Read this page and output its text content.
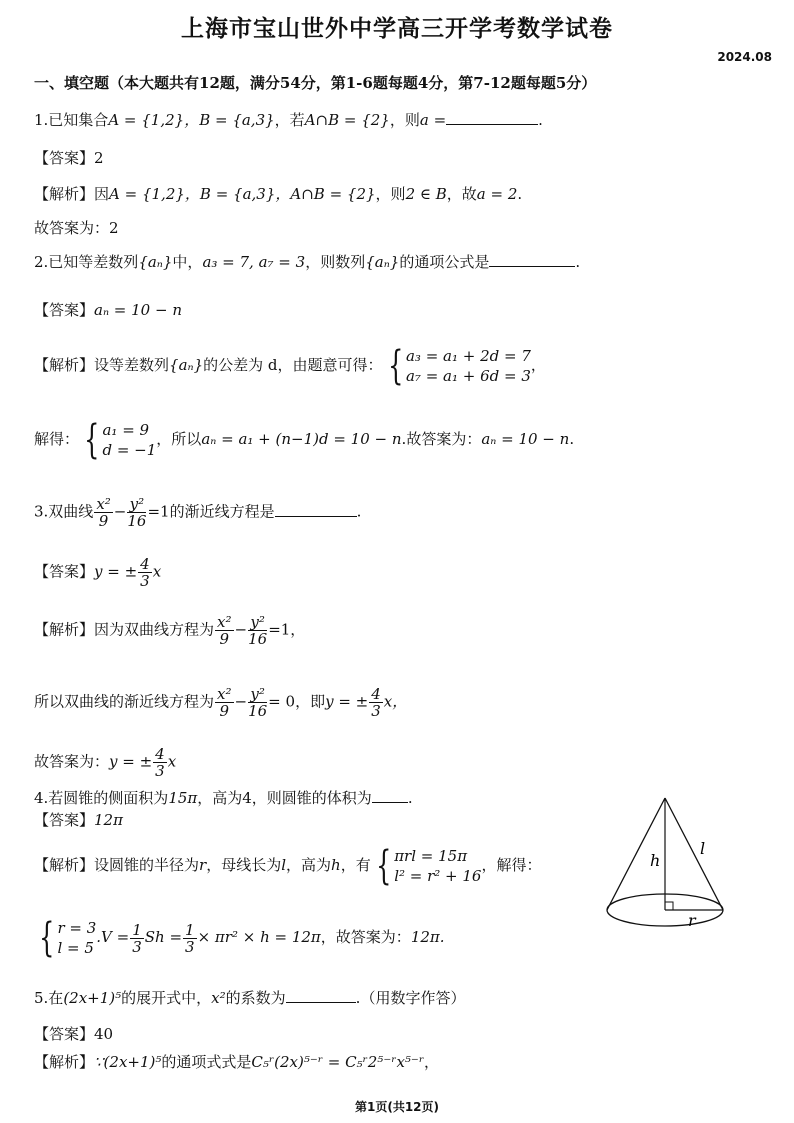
上海市宝山世外中学高三开学考数学试卷
2024.08
一、填空题（本大题共有12题，满分54分，第1-6题每题4分，第7-12题每题5分）
1.已知集合A = {1,2}，B = {a,3}，若A∩B = {2}，则a =	.
【答案】2
【解析】因A = {1,2}，B = {a,3}，A∩B = {2}，则2 ∈ B，故a = 2.
故答案为：2
2.已知等差数列{aₙ}中，a₃ = 7, a₇ = 3，则数列{aₙ}的通项公式是	.
【答案】aₙ = 10 − n
【解析】设等差数列{aₙ}的公差为 d，由题意可得： { a₃ = a₁ + 2d = 7
a₇ = a₁ + 6d = 3
，
解得： { a₁ = 9
d = −1
，所以aₙ = a₁ + (n−1)d = 10 − n.故答案为：aₙ = 10 − n.
3.双曲线 $\frac{\text{x²}}{9} - \frac{\text{y²}}{16} =1$的渐近线方程是	.
【答案】y = ± $\frac{4}{3}$ x
【解析】因为双曲线方程为 $\frac{\text{x²}}{9} - \frac{\text{y²}}{16} =1$，
所以双曲线的渐近线方程为 $\frac{\text{x²}}{9} - \frac{\text{y²}}{16} = 0$，即y = ± $\frac{4}{3}$ x，
故答案为：y = ± $\frac{4}{3}$ x
4.若圆锥的侧面积为15π，高为4，则圆锥的体积为 .
【答案】12π
【解析】设圆锥的半径为r，母线长为l，高为h，有 { πrl = 15π
l² = r² + 16
，解得：
{ r = 3
l = 5
$.V = \frac{1}{3}$ $Sh = \frac{1}{3} \times \pi r^2 \times h = 12\pi$，故答案为：12π.
h
l
r
5.在(2x+1)⁵的展开式中，x²的系数为	.（用数字作答）
【答案】40
【解析】∵(2x+1)⁵的通项式式是C₅ʳ(2x)⁵⁻ʳ = C₅ʳ2⁵⁻ʳx⁵⁻ʳ，
第1页(共12页)
